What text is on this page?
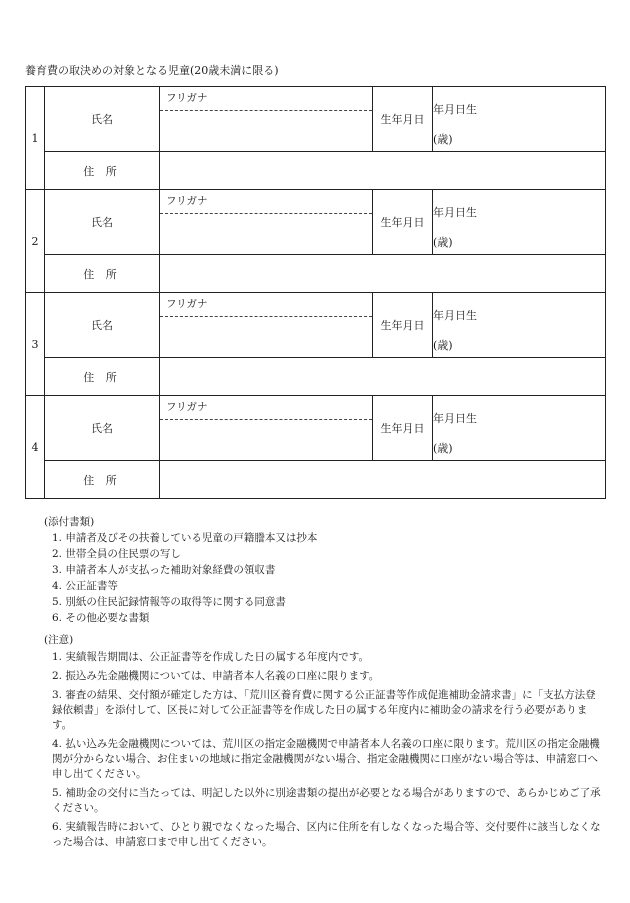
養育費の取決めの対象となる児童(20歳未満に限る)
1	氏名	フリガナ	生年月日	年月日生
(歳)

	住 所			
2	氏名	フリガナ	生年月日	年月日生
(歳)

	住 所			
3	氏名	フリガナ	生年月日	年月日生
(歳)

	住 所			
4	氏名	フリガナ	生年月日	年月日生
(歳)

	住 所			
(添付書類)
1. 申請者及びその扶養している児童の戸籍謄本又は抄本
2. 世帯全員の住民票の写し
3. 申請者本人が支払った補助対象経費の領収書
4. 公正証書等
5. 別紙の住民記録情報等の取得等に関する同意書
6. その他必要な書類
(注意)
1. 実績報告期間は、公正証書等を作成した日の属する年度内です。
2. 振込み先金融機関については、申請者本人名義の口座に限ります。
3. 審査の結果、交付額が確定した方は、「荒川区養育費に関する公正証書等作成促進補助金請求書」に「支払方法登録依頼書」を添付して、区長に対して公正証書等を作成した日の属する年度内に補助金の請求を行う必要があります。
4. 払い込み先金融機関については、荒川区の指定金融機関で申請者本人名義の口座に限ります。荒川区の指定金融機関が分からない場合、お住まいの地域に指定金融機関がない場合、指定金融機関に口座がない場合等は、申請窓口へ申し出てください。
5. 補助金の交付に当たっては、明記した以外に別途書類の提出が必要となる場合がありますので、あらかじめご了承ください。
6. 実績報告時において、ひとり親でなくなった場合、区内に住所を有しなくなった場合等、交付要件に該当しなくなった場合は、申請窓口まで申し出てください。
